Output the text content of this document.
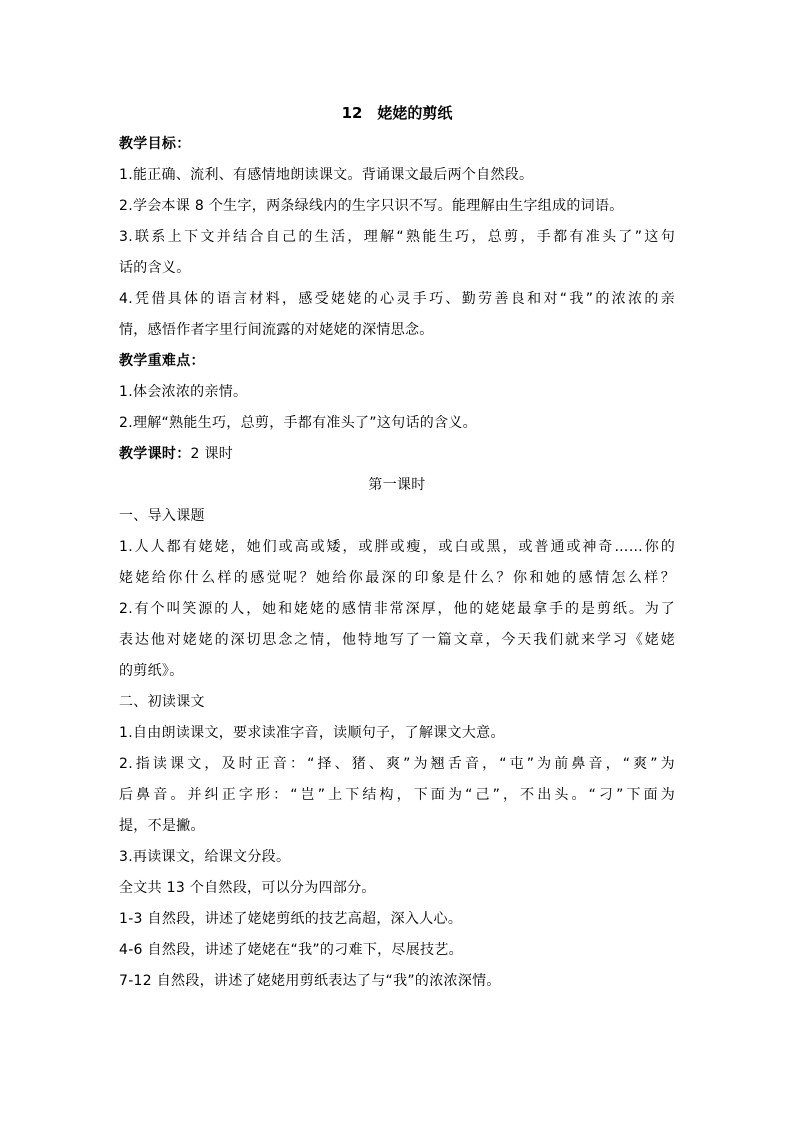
12　姥姥的剪纸
教学目标：
1.能正确、流利、有感情地朗读课文。背诵课文最后两个自然段。
2.学会本课 8 个生字，两条绿线内的生字只识不写。能理解由生字组成的词语。
3.联系上下文并结合自己的生活，理解“熟能生巧，总剪，手都有准头了”这句
话的含义。
4.凭借具体的语言材料，感受姥姥的心灵手巧、勤劳善良和对“我”的浓浓的亲
情，感悟作者字里行间流露的对姥姥的深情思念。
教学重难点：
1.体会浓浓的亲情。
2.理解“熟能生巧，总剪，手都有准头了”这句话的含义。
教学课时：2 课时
第一课时
一、导入课题
1.人人都有姥姥，她们或高或矮，或胖或瘦，或白或黑，或普通或神奇……你的
姥姥给你什么样的感觉呢？她给你最深的印象是什么？你和她的感情怎么样？
2.有个叫笑源的人，她和姥姥的感情非常深厚，他的姥姥最拿手的是剪纸。为了
表达他对姥姥的深切思念之情，他特地写了一篇文章，今天我们就来学习《姥姥
的剪纸》。
二、初读课文
1.自由朗读课文，要求读准字音，读顺句子，了解课文大意。
2.指读课文，及时正音：“择、猪、爽”为翘舌音，“屯”为前鼻音，“爽”为
后鼻音。并纠正字形：“岂”上下结构，下面为“己”，不出头。“刁”下面为
提，不是撇。
3.再读课文，给课文分段。
全文共 13 个自然段，可以分为四部分。
1-3 自然段，讲述了姥姥剪纸的技艺高超，深入人心。
4-6 自然段，讲述了姥姥在“我”的刁难下，尽展技艺。
7-12 自然段，讲述了姥姥用剪纸表达了与“我”的浓浓深情。
